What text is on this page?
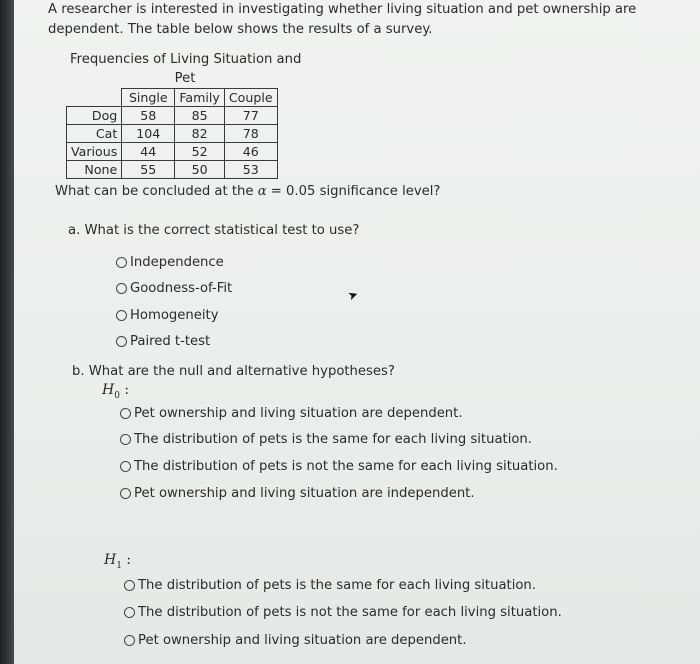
A researcher is interested in investigating whether living situation and pet ownership are dependent. The table below shows the results of a survey.
Frequencies of Living Situation and
Pet
	Single	Family	Couple
Dog	58	85	77
Cat	104	82	78
Various	44	52	46
None	55	50	53
What can be concluded at the α = 0.05 significance level?
a. What is the correct statistical test to use?
Independence
Goodness-of-Fit
Homogeneity
Paired t-test
➤
b. What are the null and alternative hypotheses?
$H_0$ :
Pet ownership and living situation are dependent.
The distribution of pets is the same for each living situation.
The distribution of pets is not the same for each living situation.
Pet ownership and living situation are independent.
$H_1$ :
The distribution of pets is the same for each living situation.
The distribution of pets is not the same for each living situation.
Pet ownership and living situation are dependent.
